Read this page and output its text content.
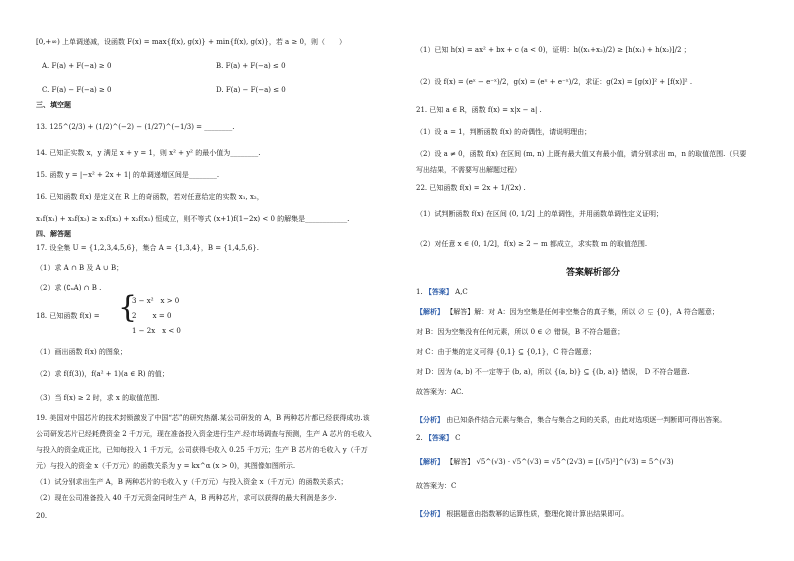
[0,+∞) 上单调递减，设函数 F(x) = max{f(x), g(x)} + min{f(x), g(x)}，若 a ≥ 0，则（　　）
A. F(a) + F(−a) ≥ 0	B. F(a) + F(−a) ≤ 0
C. F(a) − F(−a) ≥ 0	D. F(a) − F(−a) ≤ 0
三、填空题
13. 125^(2/3) + (1/2)^(−2) − (1/27)^(−1/3) = ________.
14. 已知正实数 x，y 满足 x + y = 1，则 x² + y² 的最小值为________.
15. 函数 y = |−x² + 2x + 1| 的单调递增区间是________.
16. 已知函数 f(x) 是定义在 R 上的奇函数，若对任意给定的实数 x₁, x₂，
x₁f(x₁) + x₂f(x₂) ≥ x₁f(x₂) + x₂f(x₁) 恒成立，则不等式 (x+1)f(1−2x) < 0 的解集是____________.
四、解答题
17. 设全集 U = {1,2,3,4,5,6}，集合 A = {1,3,4}，B = {1,4,5,6}.
（1）求 A ∩ B 及 A ∪ B；
（2）求 (∁ᵤA) ∩ B .
18. 已知函数 f(x) = {
3 − x²　x > 0
2　　 x = 0
1 − 2x　x < 0
（1）画出函数 f(x) 的图象；
（2）求 f(f(3))，f(a² + 1)(a ∈ R) 的值；
（3）当 f(x) ≥ 2 时，求 x 的取值范围.
19. 美国对中国芯片的技术封锁激发了中国“芯”的研究热潮.某公司研发的 A，B 两种芯片都已经获得成功.该
公司研发芯片已经耗费资金 2 千万元，现在准备投入资金进行生产.经市场调查与预测，生产 A 芯片的毛收入
与投入的资金成正比，已知每投入 1 千万元，公司获得毛收入 0.25 千万元；生产 B 芯片的毛收入 y（千万
元）与投入的资金 x（千万元）的函数关系为 y = kx^α (x > 0)，其图像如图所示.
（1）试分别求出生产 A，B 两种芯片的毛收入 y（千万元）与投入资金 x（千万元）的函数关系式；
（2）现在公司准备投入 40 千万元资金同时生产 A，B 两种芯片，求可以获得的最大利润是多少.
20.
（1）已知 h(x) = ax² + bx + c (a < 0)，证明：h((x₁+x₂)/2) ≥ [h(x₁) + h(x₂)]/2 ；
（2）设 f(x) = (eˣ − e⁻ˣ)/2，g(x) = (eˣ + e⁻ˣ)/2，求证：g(2x) = [g(x)]² + [f(x)]² .
21. 已知 a ∈ R，函数 f(x) = x|x − a| .
（1）设 a = 1，判断函数 f(x) 的奇偶性，请说明理由；
（2）设 a ≠ 0，函数 f(x) 在区间 (m, n) 上既有最大值又有最小值，请分别求出 m，n 的取值范围.（只要
写出结果，不需要写出解题过程）
22. 已知函数 f(x) = 2x + 1/(2x) .
（1）试判断函数 f(x) 在区间 (0, 1/2] 上的单调性，并用函数单调性定义证明；
（2）对任意 x ∈ (0, 1/2]，f(x) ≥ 2 − m 都成立，求实数 m 的取值范围.
答案解析部分
1. 【答案】 A,C
【解析】 【解答】解：对 A：因为空集是任何非空集合的真子集，所以 ∅ ⊊ {0}，A 符合题意；
对 B：因为空集没有任何元素，所以 0 ∈ ∅ 错误，B 不符合题意；
对 C：由于集的定义可得 {0,1} ⊆ {0,1}，C 符合题意；
对 D：因为 (a, b) 不一定等于 (b, a)，所以 {(a, b)} ⊆ {(b, a)} 错误， D 不符合题意.
故答案为：AC.
【分析】 由已知条件结合元素与集合，集合与集合之间的关系，由此对选项逐一判断即可得出答案。
2. 【答案】 C
【解析】 【解答】 √5^(√3) · √5^(√3) = √5^(2√3) = [(√5)²]^(√3) = 5^(√3)
故答案为：C
【分析】 根据题意由指数幂的运算性质，整理化简计算出结果即可。
